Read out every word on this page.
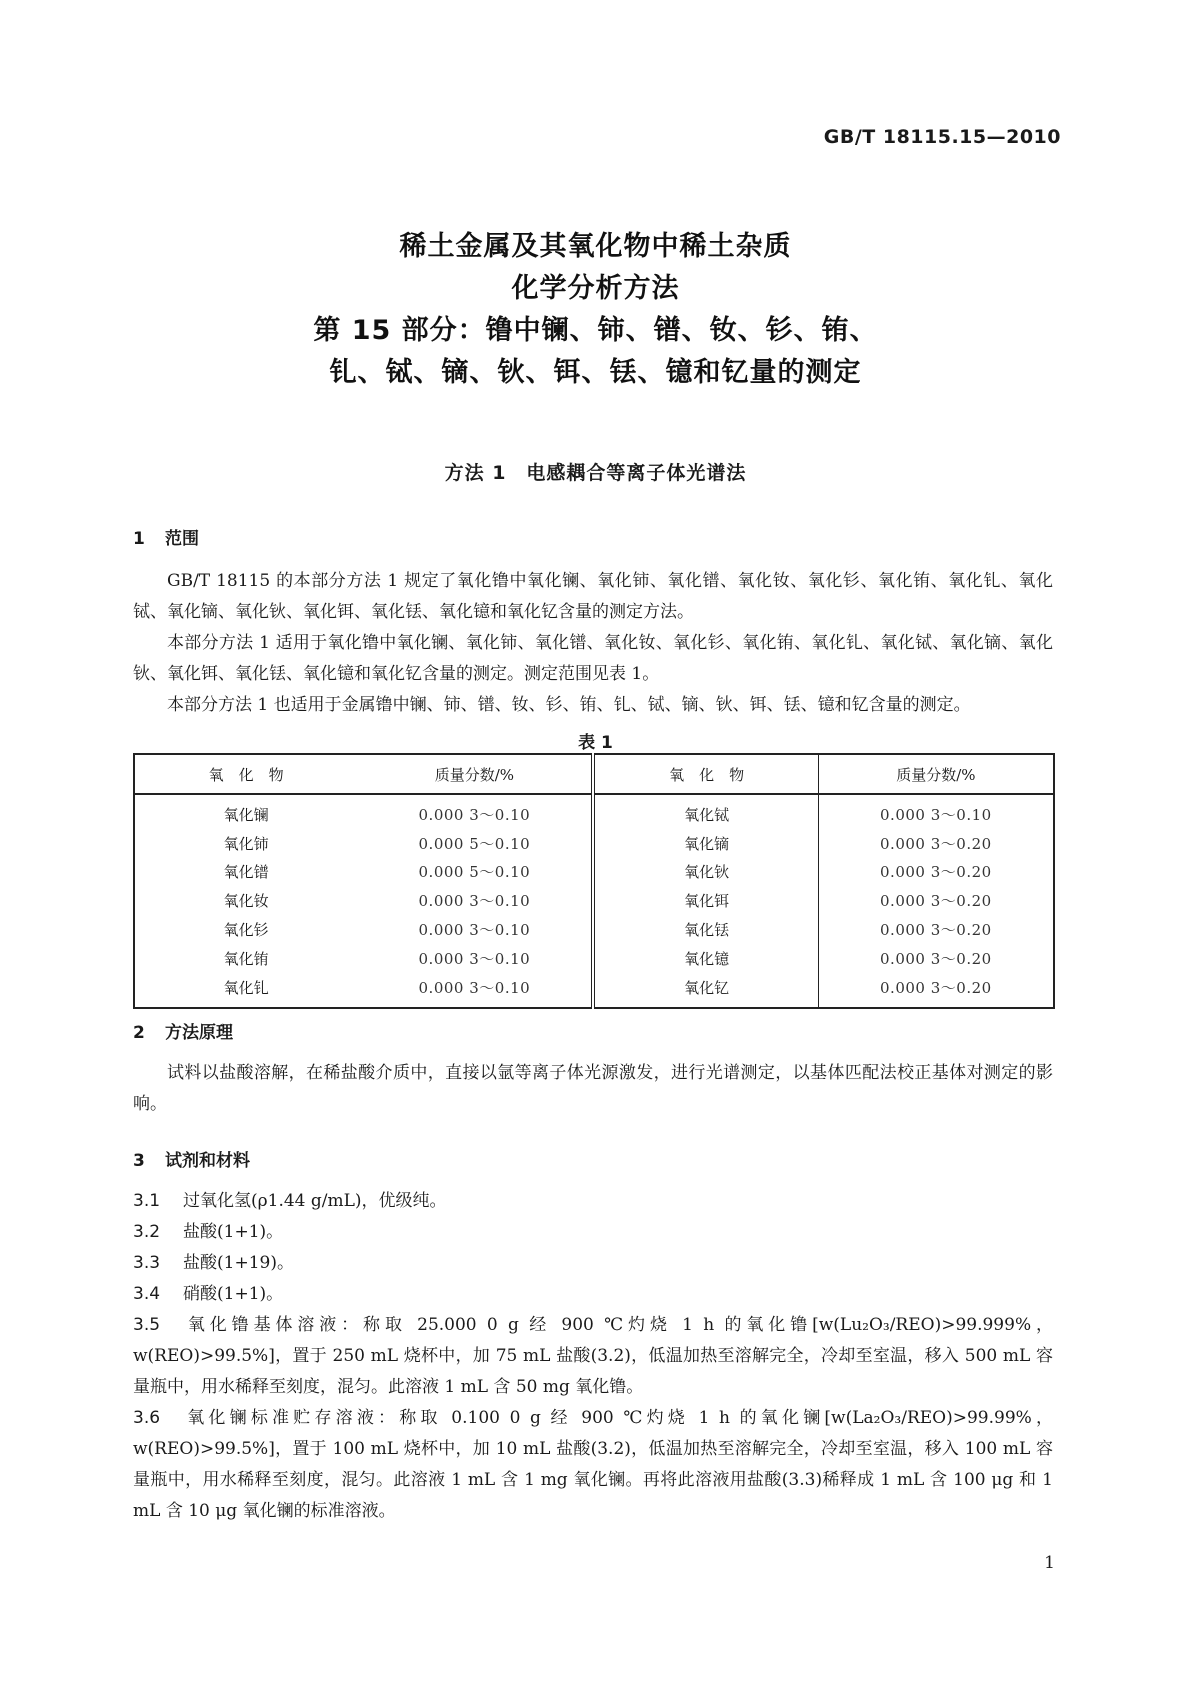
GB/T 18115.15—2010
稀土金属及其氧化物中稀土杂质
化学分析方法
第 15 部分：镥中镧、铈、镨、钕、钐、铕、
钆、铽、镝、钬、铒、铥、镱和钇量的测定
方法 1　电感耦合等离子体光谱法
1 范围
GB/T 18115 的本部分方法 1 规定了氧化镥中氧化镧、氧化铈、氧化镨、氧化钕、氧化钐、氧化铕、氧化钆、氧化铽、氧化镝、氧化钬、氧化铒、氧化铥、氧化镱和氧化钇含量的测定方法。
本部分方法 1 适用于氧化镥中氧化镧、氧化铈、氧化镨、氧化钕、氧化钐、氧化铕、氧化钆、氧化铽、氧化镝、氧化钬、氧化铒、氧化铥、氧化镱和氧化钇含量的测定。测定范围见表 1。
本部分方法 1 也适用于金属镥中镧、铈、镨、钕、钐、铕、钆、铽、镝、钬、铒、铥、镱和钇含量的测定。
表 1
氧　化　物	质量分数/%	氧　化　物	质量分数/%
氧化镧	0.000 3～0.10	氧化铽	0.000 3～0.10
氧化铈	0.000 5～0.10	氧化镝	0.000 3～0.20
氧化镨	0.000 5～0.10	氧化钬	0.000 3～0.20
氧化钕	0.000 3～0.10	氧化铒	0.000 3～0.20
氧化钐	0.000 3～0.10	氧化铥	0.000 3～0.20
氧化铕	0.000 3～0.10	氧化镱	0.000 3～0.20
氧化钆	0.000 3～0.10	氧化钇	0.000 3～0.20
2 方法原理
试料以盐酸溶解，在稀盐酸介质中，直接以氩等离子体光源激发，进行光谱测定，以基体匹配法校正基体对测定的影响。
3 试剂和材料
3.1 过氧化氢(ρ1.44 g/mL)，优级纯。
3.2 盐酸(1+1)。
3.3 盐酸(1+19)。
3.4 硝酸(1+1)。
3.5 氧化镥基体溶液：称取 25.000 0 g 经 900 ℃灼烧 1 h 的氧化镥[w(Lu₂O₃/REO)>99.999%，w(REO)>99.5%]，置于 250 mL 烧杯中，加 75 mL 盐酸(3.2)，低温加热至溶解完全，冷却至室温，移入 500 mL 容量瓶中，用水稀释至刻度，混匀。此溶液 1 mL 含 50 mg 氧化镥。
3.6 氧化镧标准贮存溶液：称取 0.100 0 g 经 900 ℃灼烧 1 h 的氧化镧[w(La₂O₃/REO)>99.99%，w(REO)>99.5%]，置于 100 mL 烧杯中，加 10 mL 盐酸(3.2)，低温加热至溶解完全，冷却至室温，移入 100 mL 容量瓶中，用水稀释至刻度，混匀。此溶液 1 mL 含 1 mg 氧化镧。再将此溶液用盐酸(3.3)稀释成 1 mL 含 100 μg 和 1 mL 含 10 μg 氧化镧的标准溶液。
1
